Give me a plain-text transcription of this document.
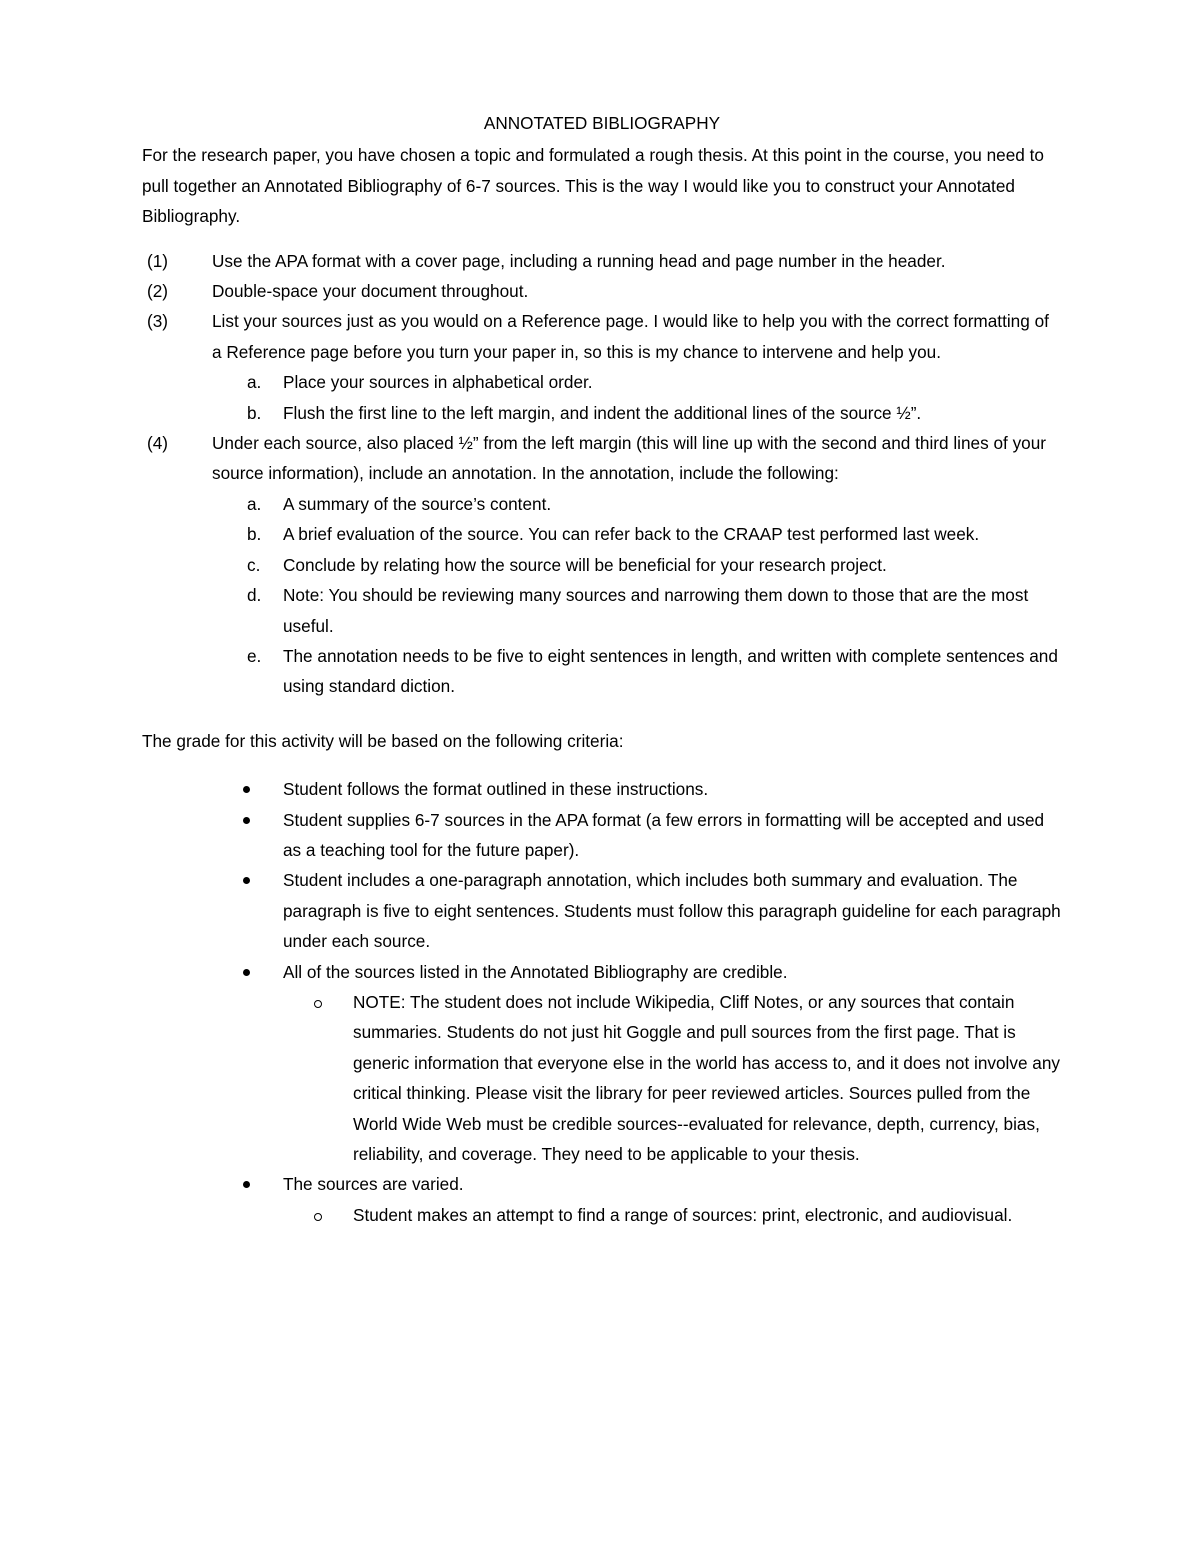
ANNOTATED BIBLIOGRAPHY

For the research paper, you have chosen a topic and formulated a rough thesis. At this point in the course, you need to pull together an Annotated Bibliography of 6-7 sources. This is the way I would like you to construct your Annotated Bibliography.

(1)	Use the APA format with a cover page, including a running head and page number in the header.
(2)	Double-space your document throughout.
(3)	List your sources just as you would on a Reference page. I would like to help you with the correct formatting of a Reference page before you turn your paper in, so this is my chance to intervene and help you.
a. Place your sources in alphabetical order.
b. Flush the first line to the left margin, and indent the additional lines of the source ½”.
(4)	Under each source, also placed ½” from the left margin (this will line up with the second and third lines of your source information), include an annotation. In the annotation, include the following:
a. A summary of the source’s content.
b. A brief evaluation of the source. You can refer back to the CRAAP test performed last week.
c. Conclude by relating how the source will be beneficial for your research project.
d. Note: You should be reviewing many sources and narrowing them down to those that are the most useful.
e. The annotation needs to be five to eight sentences in length, and written with complete sentences and using standard diction.

The grade for this activity will be based on the following criteria:

Student follows the format outlined in these instructions.
Student supplies 6-7 sources in the APA format (a few errors in formatting will be accepted and used as a teaching tool for the future paper).
Student includes a one-paragraph annotation, which includes both summary and evaluation. The paragraph is five to eight sentences. Students must follow this paragraph guideline for each paragraph under each source.
All of the sources listed in the Annotated Bibliography are credible.
NOTE: The student does not include Wikipedia, Cliff Notes, or any sources that contain summaries. Students do not just hit Goggle and pull sources from the first page. That is generic information that everyone else in the world has access to, and it does not involve any critical thinking. Please visit the library for peer reviewed articles. Sources pulled from the World Wide Web must be credible sources--evaluated for relevance, depth, currency, bias, reliability, and coverage. They need to be applicable to your thesis.
The sources are varied.
Student makes an attempt to find a range of sources: print, electronic, and audiovisual.
